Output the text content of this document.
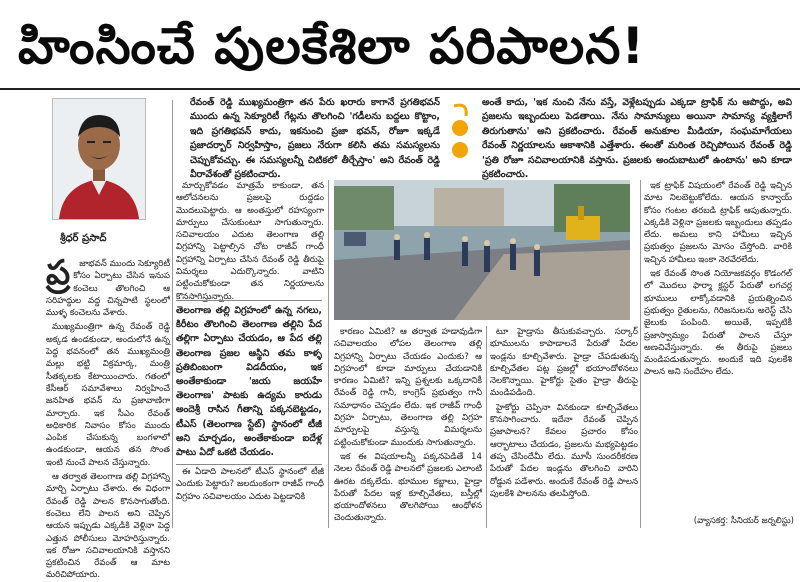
హింసించే పులకేశిలా పరిపాలన!
శ్రీధర్ ప్రసాద్
రేవంత్ రెడ్డి ముఖ్యమంత్రిగా తన పేరు ఖరారు కాగానే ప్రగతిభవన్ ముందు ఉన్న సెక్యూరిటీ గేట్లను తొలగించి 'గడీలను బద్దలు కొట్టాం, ఇది ప్రగతిభవన్ కాదు, ఇకనుంచి ప్రజా భవన్, రోజూ ఇక్కడే ప్రజాదర్బార్ నిర్వహిస్తాం, ప్రజలు నేరుగా కలిసి తమ సమస్యలను చెప్పుకోవచ్చు. ఈ సమస్యలన్నీ చిటికలో తీర్చేస్తాం' అని రేవంత్ రెడ్డి వీరావేశంతో ప్రకటించారు.
అంతే కాదు, 'ఇక నుంచి నేను వస్తే, వెళ్లేటప్పుడు ఎక్కడా ట్రాఫిక్ ను ఆపొద్దు, అవి ప్రజలను ఇబ్బందులు పెడతాయి. నేను సామాన్యులు అయినా సామాన్య వ్యక్తిలాగే తిరుగుతాను' అని ప్రకటించారు. రేవంత్ అనుకూల మీడియా, సంఘమాగేయలు రేవంత్ నిర్ణయాలను ఆకాశానికి ఎత్తేశారు. ఈంతో మరింత రెచ్చిపోయిన రేవంత్ రెడ్డి 'ప్రతి రోజూ సచివాలయానికి వస్తాను. ప్రజలకు అందుబాటులో ఉంటాను' అని కూడా ప్రకటించారు.
ప్ర	జాభవన్ ముందు సెక్యూరిటీ కోసం ఏర్పాటు చేసిన ఇనుప కంచెలు తొలగించి ఆ సరిహద్దుల వద్ద చిన్నపాటి స్థలంలో ముళ్ళ కంచెలను వేశారు.

ముఖ్యమంత్రిగా ఉన్న రేవంత్ రెడ్డి అక్కడ ఉండకుండా, అందులోనే ఉన్న పెద్ద భవనంలో తన ముఖ్యమంత్రి మల్లు భట్టి విక్రమార్క, మంత్రి సీతక్కలకు కేటాయించారు. గతంలో కేసీఆర్ సమావేశాలు నిర్వహించే జనహిత భవన్ ను ప్రజావాణిగా మార్చారు. ఇక సీఎం రేవంత్ అధికారిక నివాసం కోసం ముందు ఎంపిక చేసుకున్న బంగళాలో ఉండకుండా, ఆయన తన సొంత ఇంటి నుంచే పాలన చేస్తున్నారు.

ఆ తర్వాత తెలంగాణ తల్లి విగ్రహాన్ని మార్చి ఏర్పాటు చేశారు. ఈ విధంగా రేవంత్ రెడ్డి పాలన కొనసాగుతోంది. కంచెలు లేని పాలన అని చెప్పిన ఆయన ఇప్పుడు ఎక్కడికి వెళ్లినా పెద్ద ఎత్తున పోలీసులు మోహరిస్తున్నారు. ఇక రోజూ సచివాలయానికి వస్తానని ప్రకటించిన రేవంత్ ఆ మాట మరిచిపోయారు.

మార్చుకోవడం మాత్రమే కాకుండా, తన ఆలోచనలను ప్రజలపై రుద్దడం మొదలుపెట్టారు. ఆ అంతస్తులో రహస్యంగా మార్పులు చేసుకుంటూ సాగుతున్నారు. సచివాలయం ఎదుట తెలంగాణ తల్లి విగ్రహాన్ని పెట్టాల్సిన చోట రాజీవ్ గాంధీ విగ్రహాన్ని ఏర్పాటు చేసిన రేవంత్ రెడ్డి తీరుపై విమర్శలు ఎదుర్కొన్నారు. వాటిని పట్టించుకోకుండా తన నిర్ణయాలను కొనసాగిస్తున్నారు.

తెలంగాణ తల్లి విగ్రహంలో ఉన్న నగలు, కిరీటం తొలగించి తెలంగాణ తల్లిని పేద తల్లిగా ఏర్పాటు చేయడం, ఆ పేద తల్లి తెలంగాణ ప్రజల ఆస్థిని తమ కాళ్ళ ప్రతిబింబంగా విడదీయం, ఇక అంతేకాకుండా 'జయ జయహే తెలంగాణ' పాటకు ఉద్యమ కారుడు అందెశ్రీ రాసిన గీతాన్ని పక్కనబెట్టడం, టీఎస్ (తెలంగాణ స్టేట్) స్థానంలో టీజీ అని మార్చడం, అంతేకాకుండా ఐదేళ్ల పాటు ఏదో ఒకటి చేయడం.

ఈ ఏడాది పాలనలో టీఎస్ స్థానంలో టీజీ ఎందుకు పెట్టారు? జలదుంకంగా రాజీవ్ గాంధీ విగ్రహం సచివాలయం ఎదుట పెట్టడానికి

కారణం ఏమిటి? ఆ తర్వాత హడావుడిగా సచివాలయం లోపల తెలంగాణ తల్లి విగ్రహాన్ని ఏర్పాటు చేయడం ఎందుకు? ఆ విగ్రహంలో కూడా మార్పులు చేయడానికి కారణం ఏమిటి? ఇన్ని ప్రశ్నలకు ఒక్కదానికీ రేవంత్ రెడ్డి గానీ, కాంగ్రెస్ ప్రభుత్వం గానీ సమాధానం చెప్పడం లేదు. ఇక రాజీవ్ గాంధీ విగ్రహ ఏర్పాటు, తెలంగాణ తల్లి విగ్రహ మార్పులపై వస్తున్న విమర్శలను పట్టించుకోకుండా ముందుకు సాగుతున్నారు.

ఇక ఈ విషయాలన్నీ పక్కనపెడితే 14 నెలల రేవంత్ రెడ్డి పాలనలో ప్రజలకు ఎలాంటి ఊరట దక్కలేదు. భూముల కబ్జాలు, హైడ్రా పేరుతో పేదల ఇళ్ల కూల్చివేతలు, బస్తీల్లో భయాందోళనలు తొలగిపోయి ఆంధోళన చెందుతున్నారు.

టూ హైడ్రాను తీసుకువచ్చారు. సర్కార్ భూములను కాపాడాలనే పేరుతో పేదల ఇండ్లను కూల్చివేశారు. హైడ్రా చేపడుతున్న కూల్చివేతల పట్ల ప్రజల్లో భయాందోళనలు నెలకొన్నాయి. హైకోర్టు సైతం హైడ్రా తీరుపై మండిపడింది.

హైకోర్టు చెప్పినా వినకుండా కూల్చివేతలు కొనసాగించారు. ఇదేనా రేవంత్ చెప్పిన ప్రజాపాలన? కేవలం ప్రచారం కోసం ఆర్భాటాలు చేయడం, ప్రజలను మభ్యపెట్టడం తప్ప చేసిందేమీ లేదు. మూసీ సుందరీకరణ పేరుతో పేదల ఇండ్లను తొలగించి వారిని రోడ్డున పడేశారు. అందుకే రేవంత్ రెడ్డి పాలన పులకేశి పాలనను తలపిస్తోంది.

ఇక ట్రాఫిక్ విషయంలో రేవంత్ రెడ్డి ఇచ్చిన మాట నిలబెట్టుకోలేదు. ఆయన కాన్వాయ్ కోసం గంటల తరబడి ట్రాఫిక్ ఆపుతున్నారు. ఎక్కడికి వెళ్లినా ప్రజలకు ఇబ్బందులు తప్పడం లేదు. అమలు కాని హామీలు ఇచ్చిన ప్రభుత్వం ప్రజలను మోసం చేస్తోంది. వారికి ఇచ్చిన హామీలు ఇంకా నెరవేరలేదు.

ఇక రేవంత్ సొంత నియోజకవర్గం కొడంగల్ లో మొదలు ఫార్మా క్లస్టర్ పేరుతో లగచర్ల భూములు లాక్కోవడానికి ప్రయత్నించిన ప్రభుత్వం రైతులను, గిరిజనులను అరెస్ట్ చేసి జైలుకు పంపింది. అయితే, ఇప్పటికీ ప్రజాస్వామ్యం పేరుతో పాలన చేస్తూ అణచివేస్తున్నారు. ఈ తీరుపై ప్రజలు మండిపడుతున్నారు. అందుకే ఇది పులకేశి పాలన అని సందేహం లేదు.

(వ్యాసకర్త: సీనియర్ జర్నలిస్టు)
